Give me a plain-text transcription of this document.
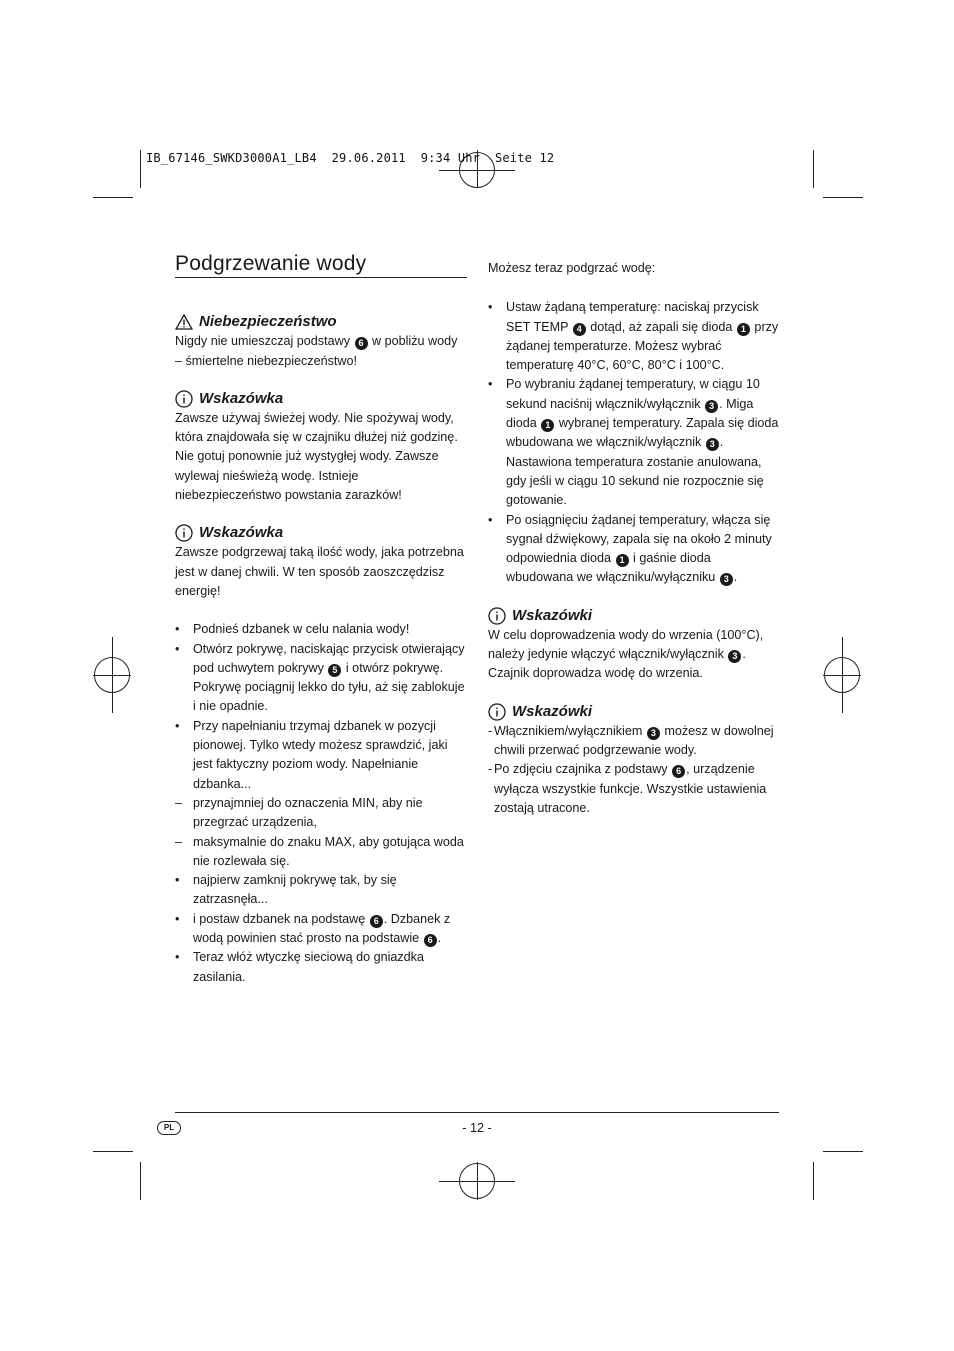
IB_67146_SWKD3000A1_LB4  29.06.2011  9:34 Uhr  Seite 12
Podgrzewanie wody
Niebezpieczeństwo

Nigdy nie umieszczaj podstawy 6 w pobliżu wody – śmiertelne niebezpieczeństwo!

Wskazówka

Zawsze używaj świeżej wody. Nie spożywaj wody, która znajdowała się w czajniku dłużej niż godzinę. Nie gotuj ponownie już wystygłej wody. Zawsze wylewaj nieświeżą wodę. Istnieje niebezpieczeństwo powstania zarazków!

Wskazówka

Zawsze podgrzewaj taką ilość wody, jaka potrzebna jest w danej chwili. W ten sposób zaoszczędzisz energię!

•	Podnieś dzbanek w celu nalania wody!
•	Otwórz pokrywę, naciskając przycisk otwierający pod uchwytem pokrywy 5 i otwórz pokrywę. Pokrywę pociągnij lekko do tyłu, aż się zablokuje i nie opadnie.
•	Przy napełnianiu trzymaj dzbanek w pozycji pionowej. Tylko wtedy możesz sprawdzić, jaki jest faktyczny poziom wody. Napełnianie dzbanka...
– przynajmniej do oznaczenia MIN, aby nie przegrzać urządzenia,
– maksymalnie do znaku MAX, aby gotująca woda nie rozlewała się.
•	najpierw zamknij pokrywę tak, by się zatrzasnęła...
•	i postaw dzbanek na podstawę 6 . Dzbanek z wodą powinien stać prosto na podstawie 6 .
•	Teraz włóż wtyczkę sieciową do gniazdka zasilania.

Możesz teraz podgrzać wodę:

•	Ustaw żądaną temperaturę: naciskaj przycisk SET TEMP 4 dotąd, aż zapali się dioda 1 przy żądanej temperaturze. Możesz wybrać temperaturę 40°C, 60°C, 80°C i 100°C.
•	Po wybraniu żądanej temperatury, w ciągu 10 sekund naciśnij włącznik/wyłącznik 3 . Miga dioda 1 wybranej temperatury. Zapala się dioda wbudowana we włącznik/wyłącznik 3 . Nastawiona temperatura zostanie anulowana, gdy jeśli w ciągu 10 sekund nie rozpocznie się gotowanie.
•	Po osiągnięciu żądanej temperatury, włącza się sygnał dźwiękowy, zapala się na około 2 minuty odpowiednia dioda 1 i gaśnie dioda wbudowana we włączniku/wyłączniku 3 .
Wskazówki

W celu doprowadzenia wody do wrzenia (100°C), należy jedynie włączyć włącznik/wyłącznik 3 . Czajnik doprowadza wodę do wrzenia.

Wskazówki
- Włącznikiem/wyłącznikiem 3 możesz w dowolnej chwili przerwać podgrzewanie wody.
- Po zdjęciu czajnika z podstawy 6 , urządzenie wyłącza wszystkie funkcje. Wszystkie ustawienia zostają utracone.
PL	- 12 -
